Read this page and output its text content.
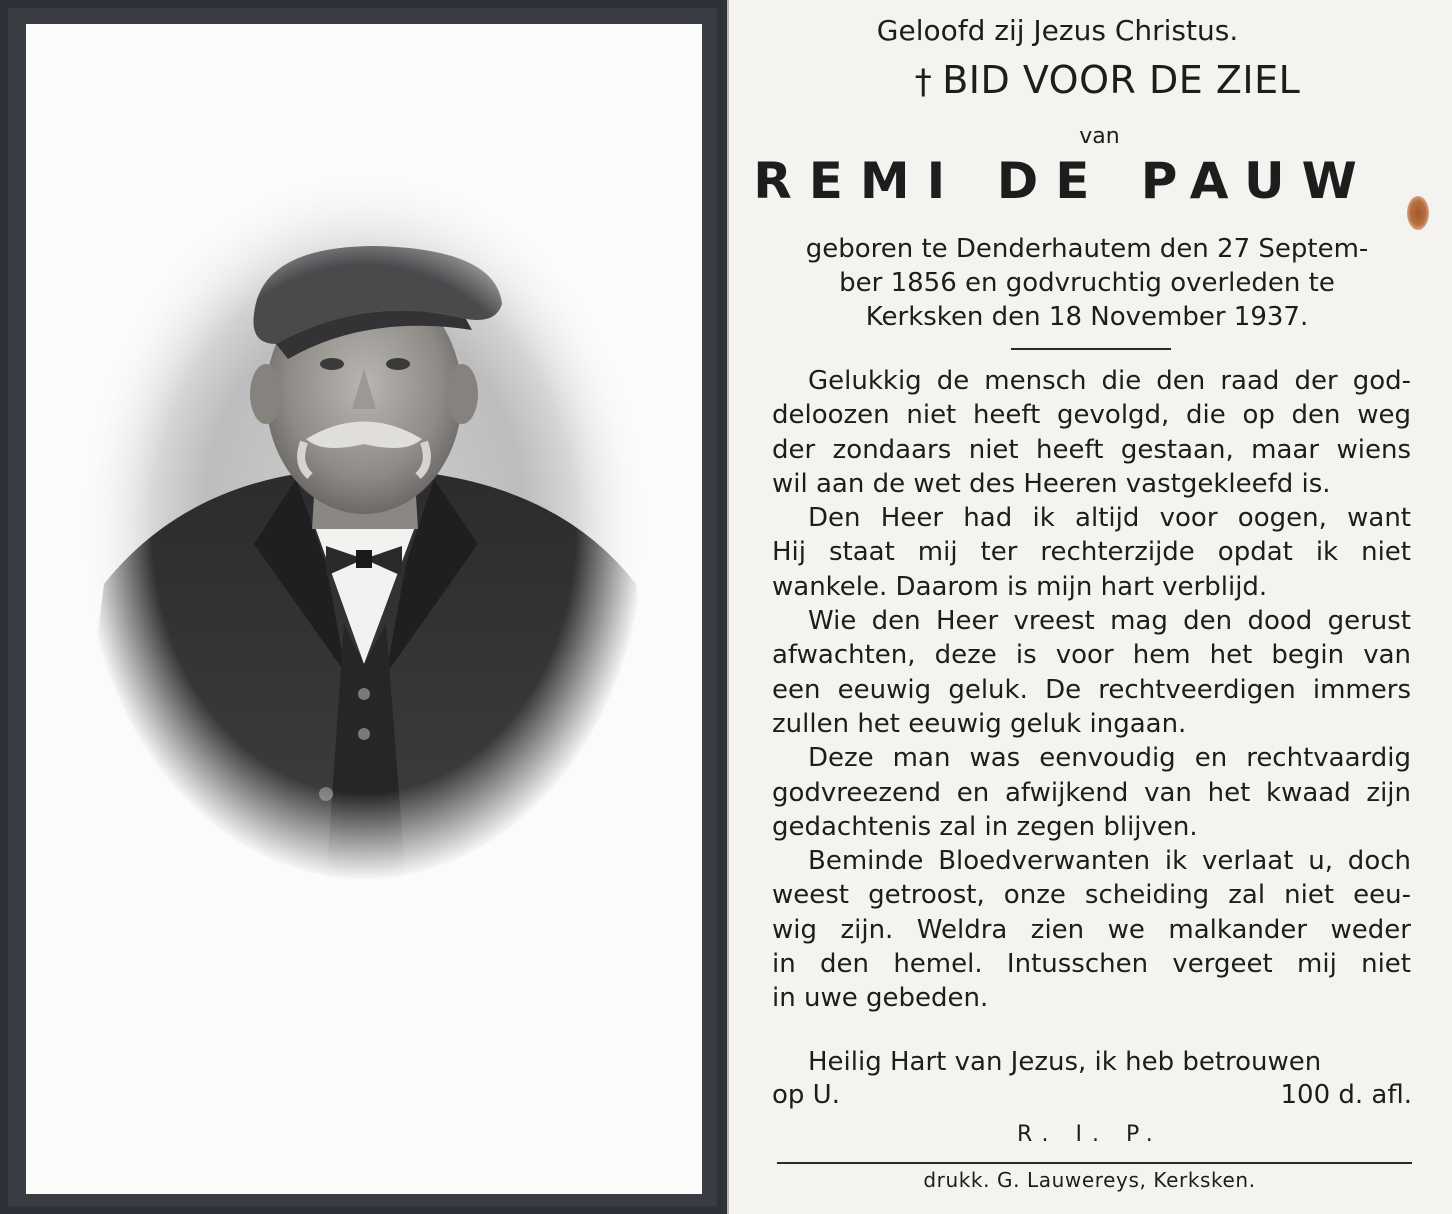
Geloofd zij Jezus Christus.
† BID VOOR DE ZIEL
van
REMI DE PAUW
geboren te Denderhautem den 27 Septem-
ber 1856 en godvruchtig overleden te
Kerksken den 18 November 1937.
Gelukkig de mensch die den raad der god-
deloozen niet heeft gevolgd, die op den weg
der zondaars niet heeft gestaan, maar wiens
wil aan de wet des Heeren vastgekleefd is.
Den Heer had ik altijd voor oogen, want
Hij staat mij ter rechterzijde opdat ik niet
wankele. Daarom is mijn hart verblijd.
Wie den Heer vreest mag den dood gerust
afwachten, deze is voor hem het begin van
een eeuwig geluk. De rechtveerdigen immers
zullen het eeuwig geluk ingaan.
Deze man was eenvoudig en rechtvaardig
godvreezend en afwijkend van het kwaad zijn
gedachtenis zal in zegen blijven.
Beminde Bloedverwanten ik verlaat u, doch
weest getroost, onze scheiding zal niet eeu-
wig zijn. Weldra zien we malkander weder
in den hemel. Intusschen vergeet mij niet
in uwe gebeden.
Heilig Hart van Jezus, ik heb betrouwen
op U.	100 d. afl.
R. I. P.
drukk. G. Lauwereys, Kerksken.
